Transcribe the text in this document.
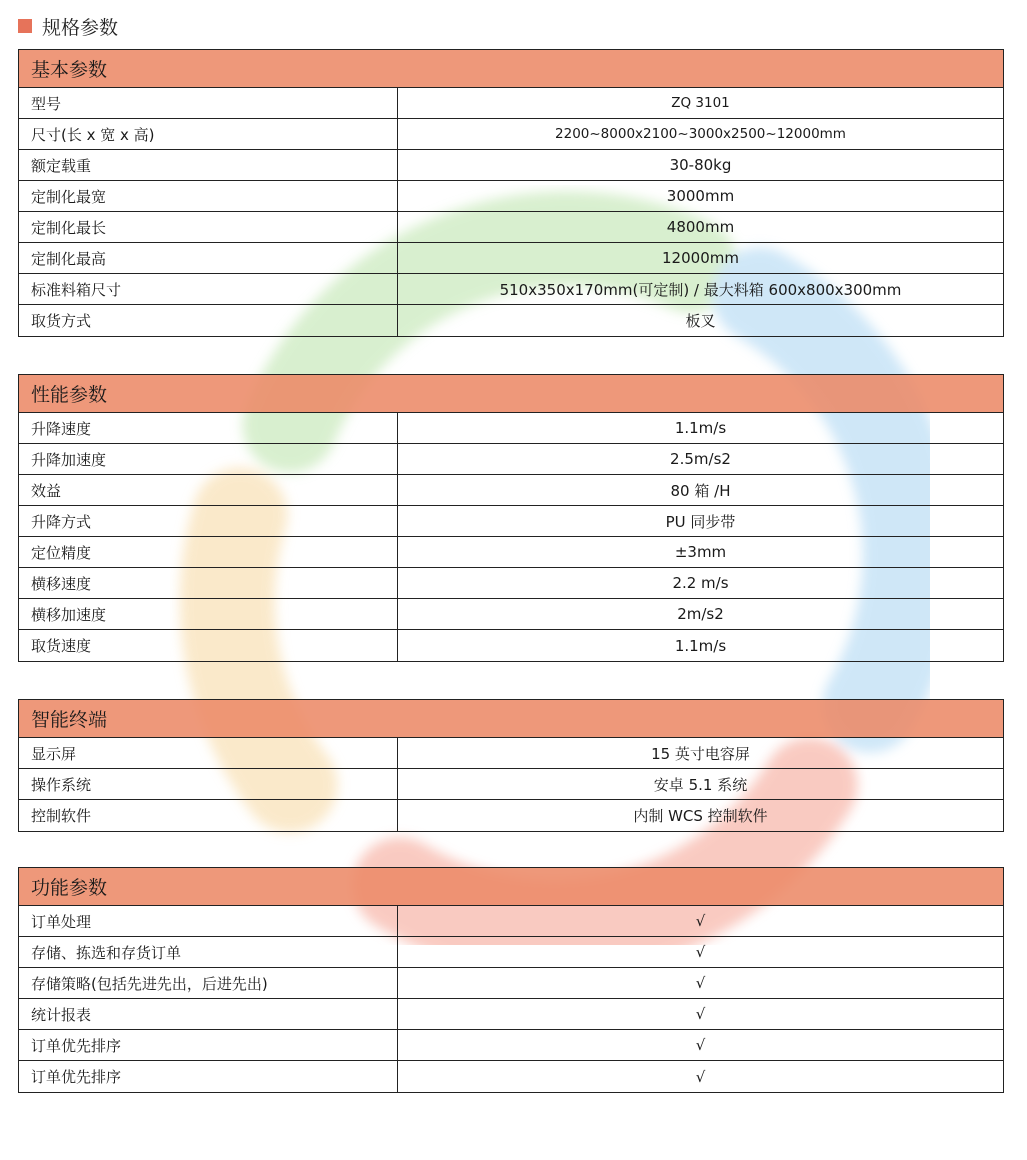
规格参数
基本参数
型号	ZQ 3101
尺寸(长 x 宽 x 高)	2200~8000x2100~3000x2500~12000mm
额定载重	30-80kg
定制化最宽	3000mm
定制化最长	4800mm
定制化最高	12000mm
标准料箱尺寸	510x350x170mm(可定制) / 最大料箱 600x800x300mm
取货方式	板叉
性能参数
升降速度	1.1m/s
升降加速度	2.5m/s2
效益	80 箱 /H
升降方式	PU 同步带
定位精度	±3mm
横移速度	2.2 m/s
横移加速度	2m/s2
取货速度	1.1m/s
智能终端
显示屏	15 英寸电容屏
操作系统	安卓 5.1 系统
控制软件	内制 WCS 控制软件
功能参数
订单处理	√
存储、拣选和存货订单	√
存储策略(包括先进先出，后进先出)	√
统计报表	√
订单优先排序	√
订单优先排序	√
